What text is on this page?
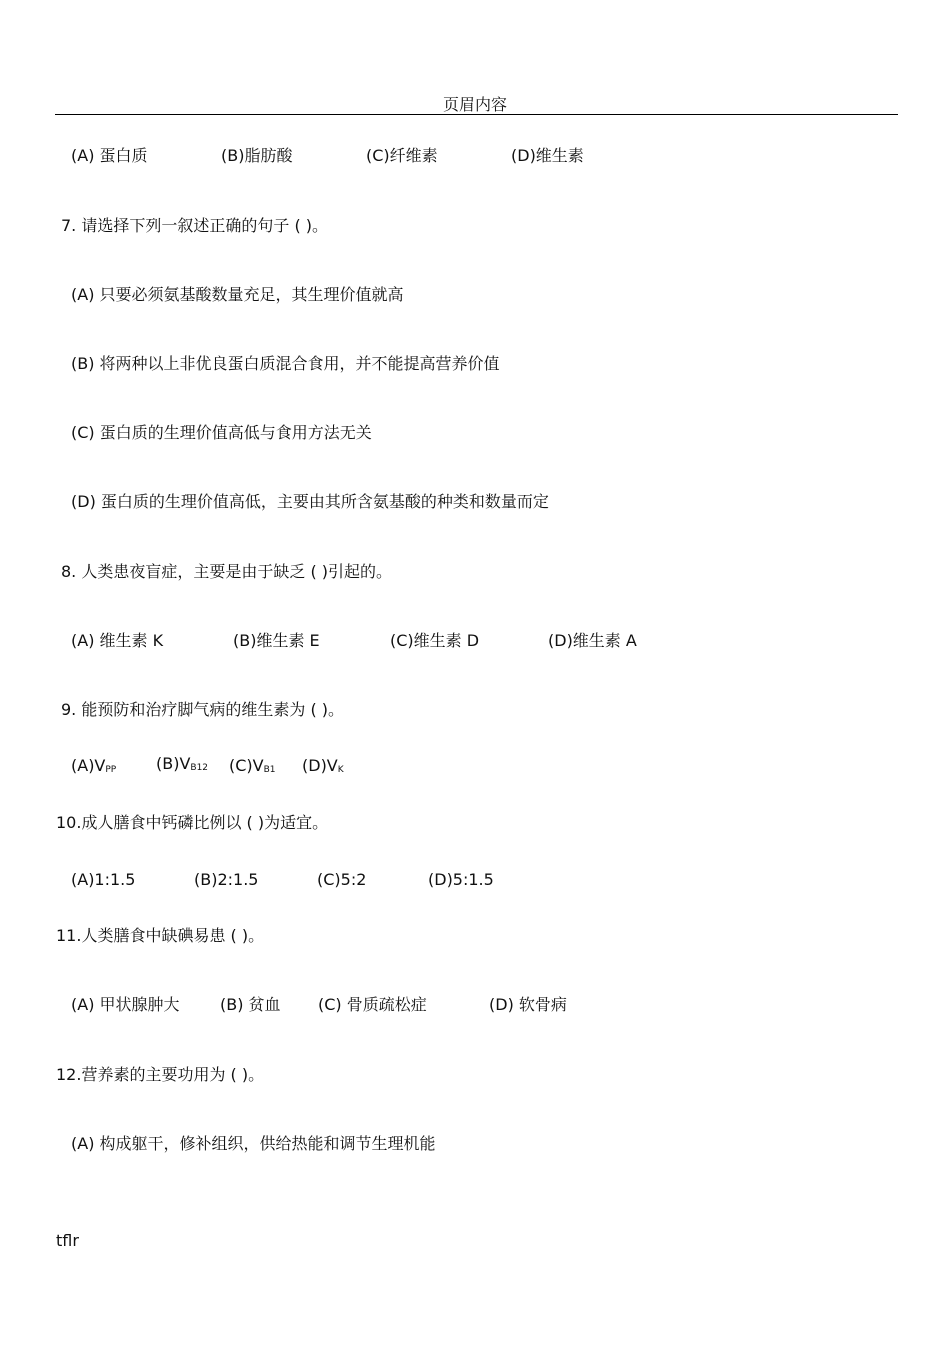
页眉内容
(A) 蛋白质	(B)脂肪酸	(C)纤维素	(D)维生素
7. 请选择下列一叙述正确的句子 ( )。
(A) 只要必须氨基酸数量充足，其生理价值就高
(B) 将两种以上非优良蛋白质混合食用，并不能提高营养价值
(C) 蛋白质的生理价值高低与食用方法无关
(D) 蛋白质的生理价值高低，主要由其所含氨基酸的种类和数量而定
8. 人类患夜盲症，主要是由于缺乏 ( )引起的。
(A) 维生素 K	(B)维生素 E	(C)维生素 D	(D)维生素 A
9. 能预防和治疗脚气病的维生素为 ( )。
$(A)V_{PP}$ $(B)V_{B12}$ $(C)V_{B1}$ $(D)V_K$
10.成人膳食中钙磷比例以 ( )为适宜。
(A)1:1.5	(B)2:1.5	(C)5:2	(D)5:1.5
11.人类膳食中缺碘易患 ( )。
(A) 甲状腺肿大	(B) 贫血 (C) 骨质疏松症	(D) 软骨病
12.营养素的主要功用为 ( )。
(A) 构成躯干，修补组织，供给热能和调节生理机能
tflr
